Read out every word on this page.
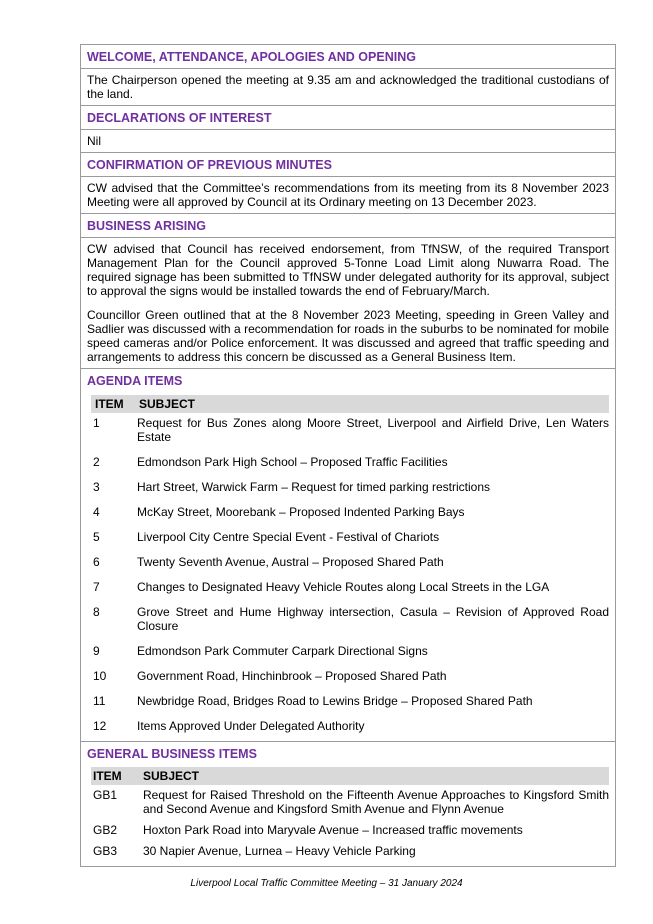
WELCOME, ATTENDANCE, APOLOGIES AND OPENING

The Chairperson opened the meeting at 9.35 am and acknowledged the traditional custodians of the land.

DECLARATIONS OF INTEREST

Nil

CONFIRMATION OF PREVIOUS MINUTES

CW advised that the Committee’s recommendations from its meeting from its 8 November 2023 Meeting were all approved by Council at its Ordinary meeting on 13 December 2023.

BUSINESS ARISING

CW advised that Council has received endorsement, from TfNSW, of the required Transport Management Plan for the Council approved 5-Tonne Load Limit along Nuwarra Road. The required signage has been submitted to TfNSW under delegated authority for its approval, subject to approval the signs would be installed towards the end of February/March.

Councillor Green outlined that at the 8 November 2023 Meeting, speeding in Green Valley and Sadlier was discussed with a recommendation for roads in the suburbs to be nominated for mobile speed cameras and/or Police enforcement. It was discussed and agreed that traffic speeding and arrangements to address this concern be discussed as a General Business Item.

AGENDA ITEMS
ITEM	SUBJECT
1	Request for Bus Zones along Moore Street, Liverpool and Airfield Drive, Len Waters Estate
2	Edmondson Park High School – Proposed Traffic Facilities
3	Hart Street, Warwick Farm – Request for timed parking restrictions
4	McKay Street, Moorebank – Proposed Indented Parking Bays
5	Liverpool City Centre Special Event - Festival of Chariots
6	Twenty Seventh Avenue, Austral – Proposed Shared Path
7	Changes to Designated Heavy Vehicle Routes along Local Streets in the LGA
8	Grove Street and Hume Highway intersection, Casula – Revision of Approved Road Closure
9	Edmondson Park Commuter Carpark Directional Signs
10	Government Road, Hinchinbrook – Proposed Shared Path
11	Newbridge Road, Bridges Road to Lewins Bridge – Proposed Shared Path
12	Items Approved Under Delegated Authority
GENERAL BUSINESS ITEMS
ITEM	SUBJECT
GB1	Request for Raised Threshold on the Fifteenth Avenue Approaches to Kingsford Smith and Second Avenue and Kingsford Smith Avenue and Flynn Avenue
GB2	Hoxton Park Road into Maryvale Avenue – Increased traffic movements
GB3	30 Napier Avenue, Lurnea – Heavy Vehicle Parking
Liverpool Local Traffic Committee Meeting – 31 January 2024
